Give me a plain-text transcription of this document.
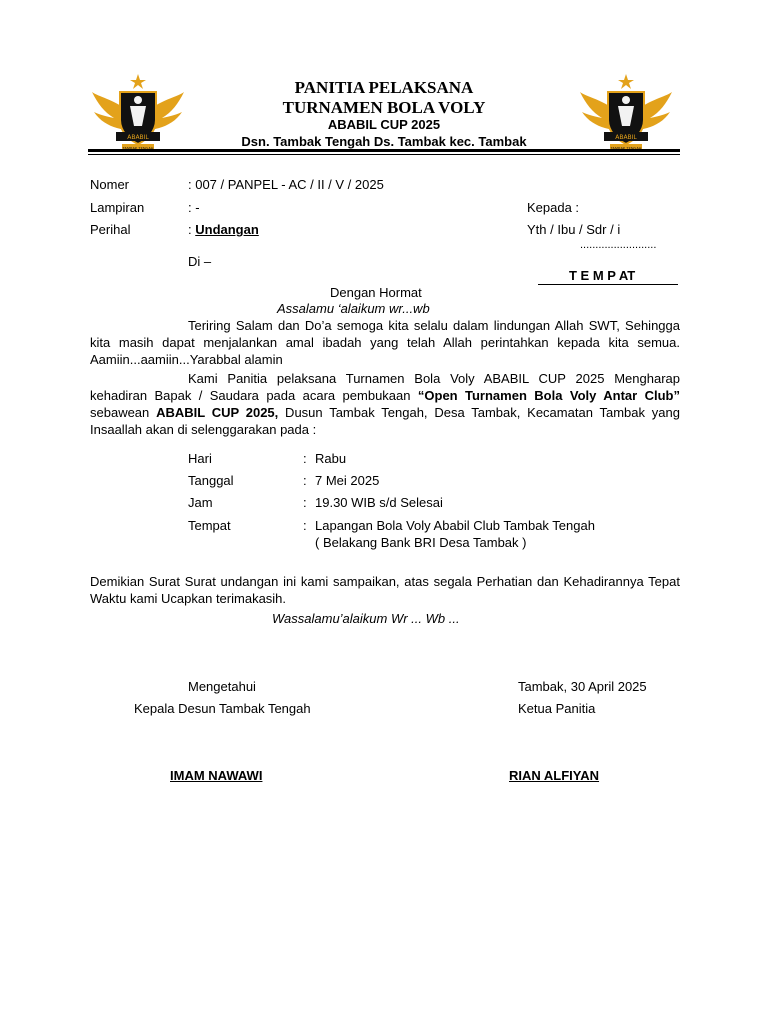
ABABIL	ABABIL
PANITIA PELAKSANA
TURNAMEN BOLA VOLY
ABABIL CUP 2025
Dsn. Tambak Tengah Ds. Tambak kec. Tambak
Nomer	: 007 / PANPEL - AC / II / V / 2025
Lampiran	: -	Kepada :
Perihal	: Undangan	Yth / Ibu / Sdr / i
.........................
Di –
T E M P AT
Dengan Hormat
Assalamu ‘alaikum wr...wb
Teriring Salam dan Do’a semoga kita selalu dalam lindungan Allah SWT, Sehingga kita masih dapat menjalankan amal ibadah yang telah Allah perintahkan kepada kita semua. Aamiin...aamiin...Yarabbal alamin
Kami Panitia pelaksana Turnamen Bola Voly ABABIL CUP 2025 Mengharap kehadiran Bapak / Saudara pada acara pembukaan “Open Turnamen Bola Voly Antar Club” sebawean ABABIL CUP 2025, Dusun Tambak Tengah, Desa Tambak, Kecamatan Tambak yang Insaallah akan di selenggarakan pada :
Hari	: Rabu
Tanggal	: 7 Mei 2025
Jam	: 19.30 WIB s/d Selesai
Tempat	: Lapangan Bola Voly Ababil Club Tambak Tengah
( Belakang Bank BRI Desa Tambak )
Demikian Surat Surat undangan ini kami sampaikan, atas segala Perhatian dan Kehadirannya Tepat Waktu kami Ucapkan terimakasih.
Wassalamu’alaikum Wr ... Wb ...
Mengetahui
Kepala Desun Tambak Tengah
IMAM NAWAWI
Tambak, 30 April 2025
Ketua Panitia
RIAN ALFIYAN
